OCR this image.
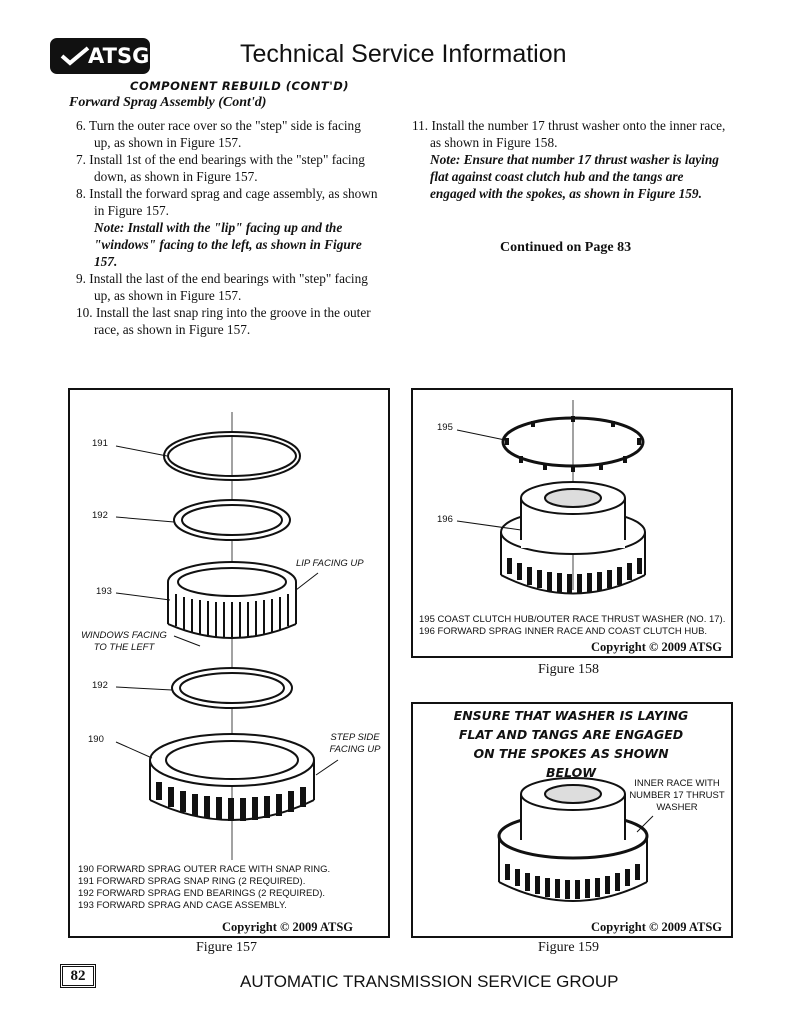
ATSG	Technical Service Information
COMPONENT REBUILD (CONT'D)
Forward Sprag Assembly (Cont'd)

6. Turn the outer race over so the "step" side is facing up, as shown in Figure 157.

7. Install 1st of the end bearings with the "step" facing down, as shown in Figure 157.

8. Install the forward sprag and cage assembly, as shown in Figure 157.

Note: Install with the "lip" facing up and the "windows" facing to the left, as shown in Figure 157.

9. Install the last of the end bearings with "step" facing up, as shown in Figure 157.

10. Install the last snap ring into the groove in the outer race, as shown in Figure 157.

11. Install the number 17 thrust washer onto the inner race, as shown in Figure 158.

Note: Ensure that number 17 thrust washer is laying flat against coast clutch hub and the tangs are engaged with the spokes, as shown in Figure 159.

Continued on Page 83
191
192
193
192
190
LIP FACING UP
WINDOWS FACING TO THE LEFT
STEP SIDE FACING UP
190 FORWARD SPRAG OUTER RACE WITH SNAP RING.
191 FORWARD SPRAG SNAP RING (2 REQUIRED).
192 FORWARD SPRAG END BEARINGS (2 REQUIRED).
193 FORWARD SPRAG AND CAGE ASSEMBLY.
Copyright © 2009 ATSG
Figure 157
195
196
195 COAST CLUTCH HUB/OUTER RACE THRUST WASHER (NO. 17).
196 FORWARD SPRAG INNER RACE AND COAST CLUTCH HUB.
Copyright © 2009 ATSG
Figure 158
INNER RACE WITH NUMBER 17 THRUST WASHER
Copyright © 2009 ATSG
ENSURE THAT WASHER IS LAYING FLAT AND TANGS ARE ENGAGED ON THE SPOKES AS SHOWN BELOW
Figure 159
82	AUTOMATIC TRANSMISSION SERVICE GROUP
